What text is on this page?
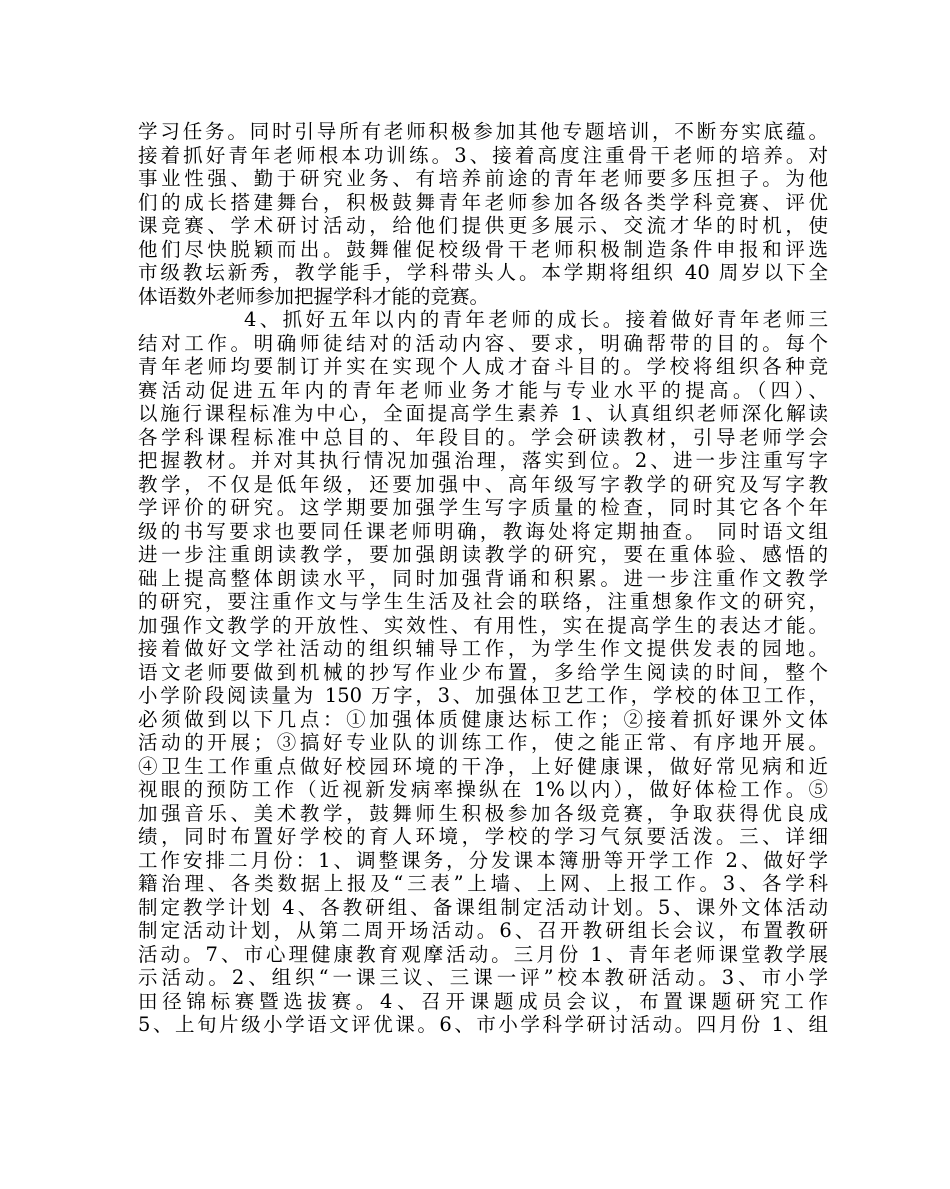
学习任务。同时引导所有老师积极参加其他专题培训，不断夯实底蕴。
接着抓好青年老师根本功训练。3、接着高度注重骨干老师的培养。对
事业性强、勤于研究业务、有培养前途的青年老师要多压担子。为他
们的成长搭建舞台，积极鼓舞青年老师参加各级各类学科竞赛、评优
课竞赛、学术研讨活动，给他们提供更多展示、交流才华的时机，使
他们尽快脱颖而出。鼓舞催促校级骨干老师积极制造条件申报和评选
市级教坛新秀，教学能手，学科带头人。本学期将组织 40 周岁以下全
体语数外老师参加把握学科才能的竞赛。
4、抓好五年以内的青年老师的成长。接着做好青年老师三
结对工作。明确师徒结对的活动内容、要求，明确帮带的目的。每个
青年老师均要制订并实在实现个人成才奋斗目的。学校将组织各种竞
赛活动促进五年内的青年老师业务才能与专业水平的提高。（四）、
以施行课程标准为中心，全面提高学生素养 1、认真组织老师深化解读
各学科课程标准中总目的、年段目的。学会研读教材，引导老师学会
把握教材。并对其执行情况加强治理，落实到位。2、进一步注重写字
教学，不仅是低年级，还要加强中、高年级写字教学的研究及写字教
学评价的研究。这学期要加强学生写字质量的检查，同时其它各个年
级的书写要求也要同任课老师明确，教诲处将定期抽查。 同时语文组
进一步注重朗读教学，要加强朗读教学的研究，要在重体验、感悟的
础上提高整体朗读水平，同时加强背诵和积累。进一步注重作文教学
的研究，要注重作文与学生生活及社会的联络，注重想象作文的研究，
加强作文教学的开放性、实效性、有用性，实在提高学生的表达才能。
接着做好文学社活动的组织辅导工作，为学生作文提供发表的园地。
语文老师要做到机械的抄写作业少布置，多给学生阅读的时间，整个
小学阶段阅读量为 150 万字，3、加强体卫艺工作，学校的体卫工作，
必须做到以下几点：①加强体质健康达标工作；②接着抓好课外文体
活动的开展；③搞好专业队的训练工作，使之能正常、有序地开展。
④卫生工作重点做好校园环境的干净，上好健康课，做好常见病和近
视眼的预防工作（近视新发病率操纵在 1%以内），做好体检工作。⑤
加强音乐、美术教学，鼓舞师生积极参加各级竞赛，争取获得优良成
绩，同时布置好学校的育人环境，学校的学习气氛要活泼。三、详细
工作安排二月份：1、调整课务，分发课本簿册等开学工作 2、做好学
籍治理、各类数据上报及“三表”上墙、上网、上报工作。3、各学科
制定教学计划 4、各教研组、备课组制定活动计划。5、课外文体活动
制定活动计划，从第二周开场活动。6、召开教研组长会议，布置教研
活动。7、市心理健康教育观摩活动。三月份 1、青年老师课堂教学展
示活动。2、组织“一课三议、三课一评”校本教研活动。3、市小学
田径锦标赛暨选拔赛。4、召开课题成员会议，布置课题研究工作
5、上旬片级小学语文评优课。6、市小学科学研讨活动。四月份 1、组
